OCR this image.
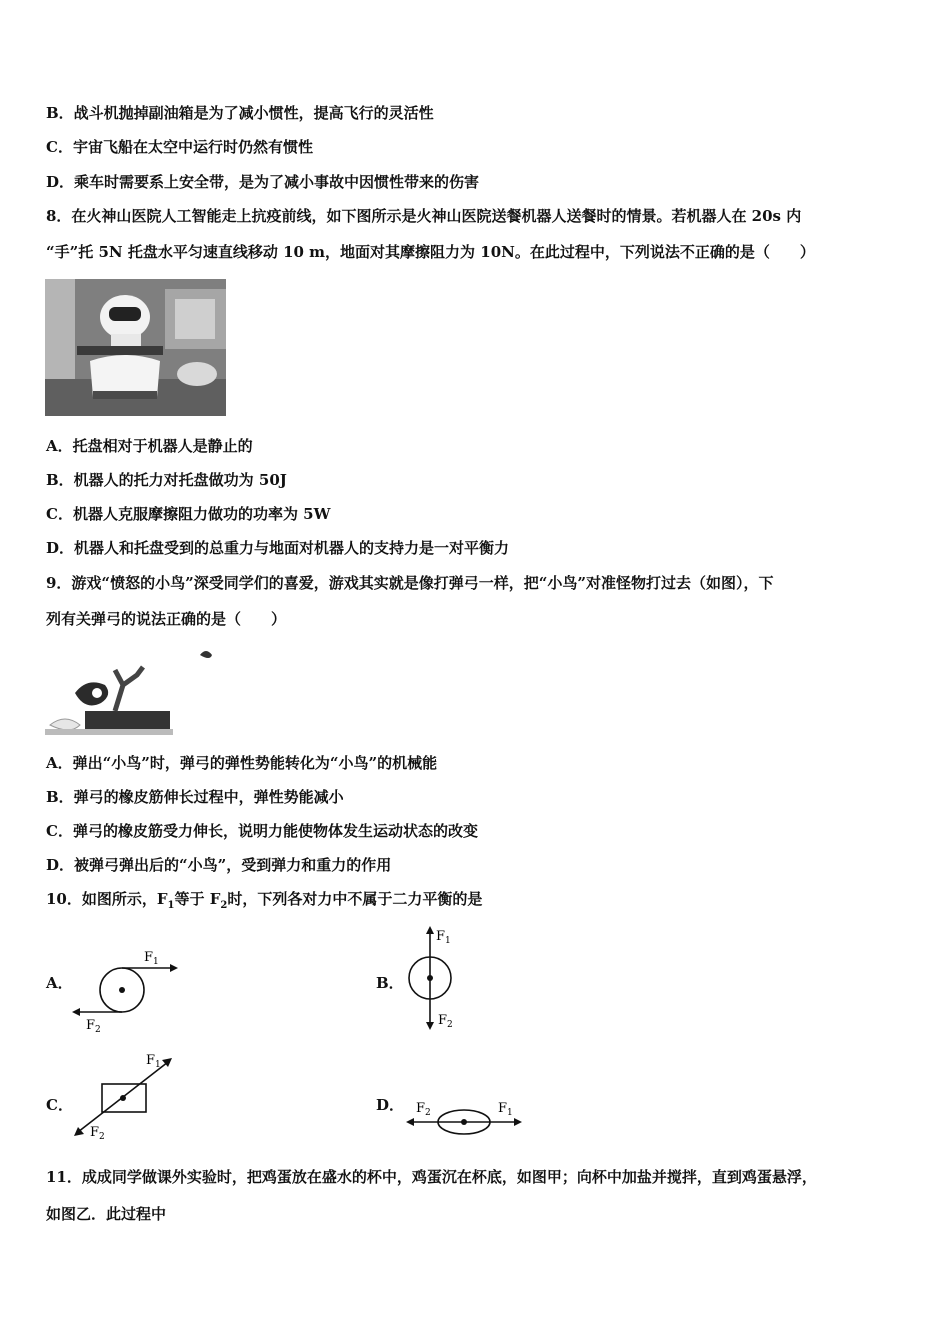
B．战斗机抛掉副油箱是为了减小惯性，提高飞行的灵活性
C．宇宙飞船在太空中运行时仍然有惯性
D．乘车时需要系上安全带，是为了减小事故中因惯性带来的伤害
8．在火神山医院人工智能走上抗疫前线，如下图所示是火神山医院送餐机器人送餐时的情景。若机器人在 20s 内
“手”托 5N 托盘水平匀速直线移动 10 m，地面对其摩擦阻力为 10N。在此过程中，下列说法不正确的是（　　）
A．托盘相对于机器人是静止的
B．机器人的托力对托盘做功为 50J
C．机器人克服摩擦阻力做功的功率为 5W
D．机器人和托盘受到的总重力与地面对机器人的支持力是一对平衡力
9．游戏“愤怒的小鸟”深受同学们的喜爱，游戏其实就是像打弹弓一样，把“小鸟”对准怪物打过去（如图），下
列有关弹弓的说法正确的是（　　）
A．弹出“小鸟”时，弹弓的弹性势能转化为“小鸟”的机械能
B．弹弓的橡皮筋伸长过程中，弹性势能减小
C．弹弓的橡皮筋受力伸长，说明力能使物体发生运动状态的改变
D．被弹弓弹出后的“小鸟”，受到弹力和重力的作用
10．如图所示，$F_1$等于 $F_2$时，下列各对力中不属于二力平衡的是
A．
$F_1$
$F_2$
B．
$F_1$
$F_2$
C．
$F_1$
$F_2$
D． $F_2$	$F_1$
11．成成同学做课外实验时，把鸡蛋放在盛水的杯中，鸡蛋沉在杯底，如图甲；向杯中加盐并搅拌，直到鸡蛋悬浮，
如图乙．此过程中
